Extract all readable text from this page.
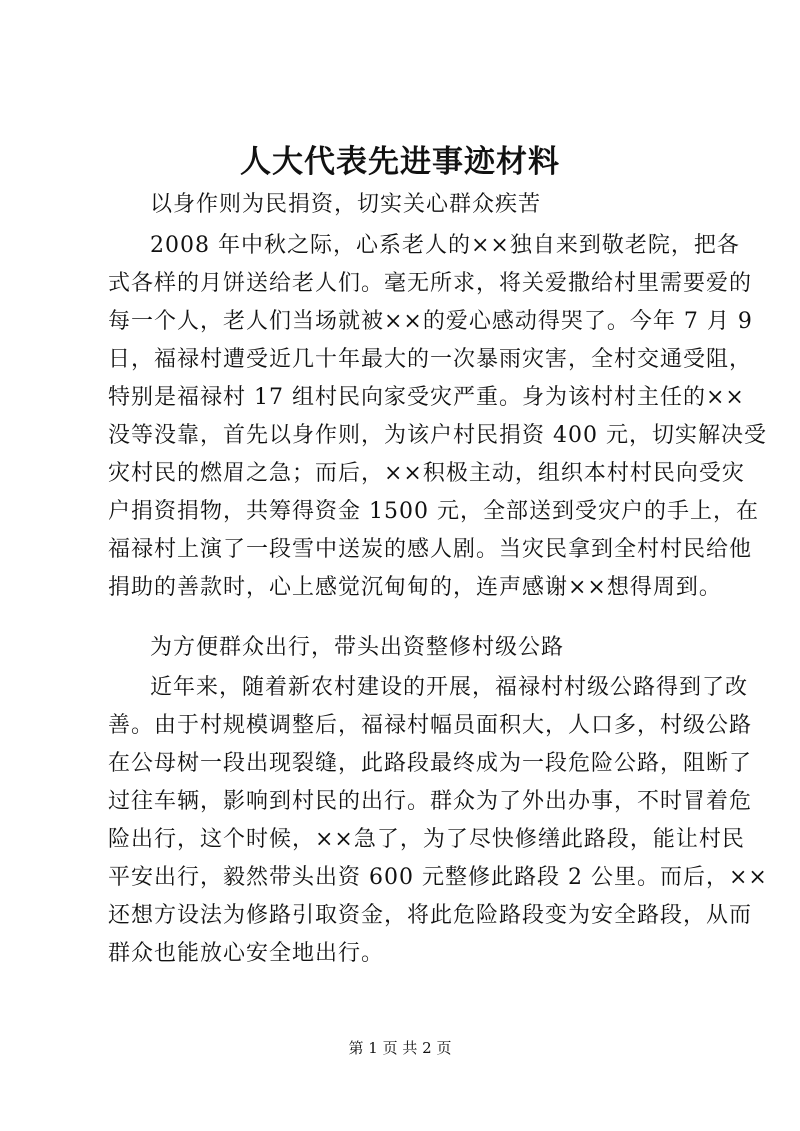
人大代表先进事迹材料
以身作则为民捐资，切实关心群众疾苦
2008 年中秋之际，心系老人的××独自来到敬老院，把各
式各样的月饼送给老人们。毫无所求，将关爱撒给村里需要爱的
每一个人，老人们当场就被××的爱心感动得哭了。今年 7 月 9
日，福禄村遭受近几十年最大的一次暴雨灾害，全村交通受阻，
特别是福禄村 17 组村民向家受灾严重。身为该村村主任的××
没等没靠，首先以身作则，为该户村民捐资 400 元，切实解决受
灾村民的燃眉之急；而后，××积极主动，组织本村村民向受灾
户捐资捐物，共筹得资金 1500 元，全部送到受灾户的手上，在
福禄村上演了一段雪中送炭的感人剧。当灾民拿到全村村民给他
捐助的善款时，心上感觉沉甸甸的，连声感谢××想得周到。
为方便群众出行，带头出资整修村级公路
近年来，随着新农村建设的开展，福禄村村级公路得到了改
善。由于村规模调整后，福禄村幅员面积大，人口多，村级公路
在公母树一段出现裂缝，此路段最终成为一段危险公路，阻断了
过往车辆，影响到村民的出行。群众为了外出办事，不时冒着危
险出行，这个时候，××急了，为了尽快修缮此路段，能让村民
平安出行，毅然带头出资 600 元整修此路段 2 公里。而后，××
还想方设法为修路引取资金，将此危险路段变为安全路段，从而
群众也能放心安全地出行。
第 1 页 共 2 页
